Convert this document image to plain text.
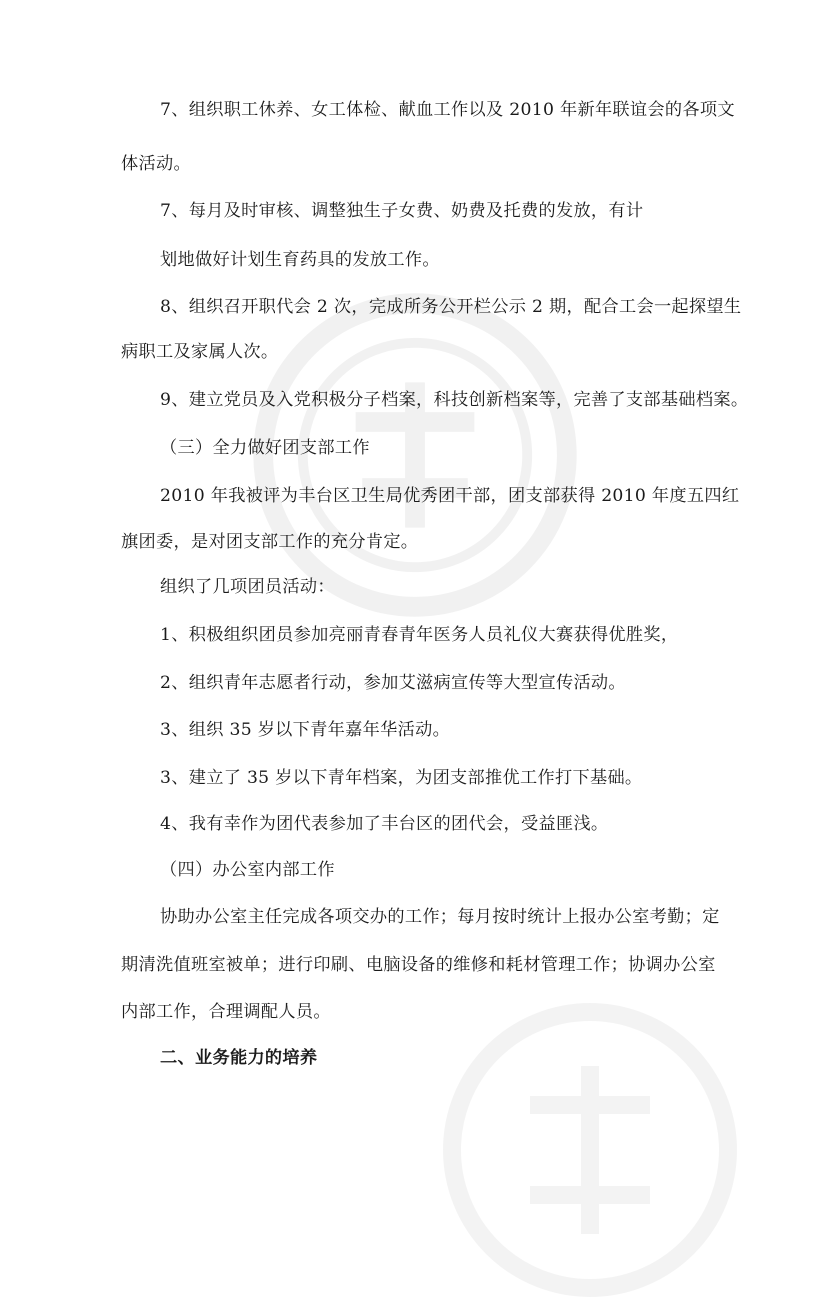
7、组织职工休养、女工体检、献血工作以及 2010 年新年联谊会的各项文

体活动。

7、每月及时审核、调整独生子女费、奶费及托费的发放，有计

划地做好计划生育药具的发放工作。

8、组织召开职代会 2 次，完成所务公开栏公示 2 期，配合工会一起探望生

病职工及家属人次。

9、建立党员及入党积极分子档案，科技创新档案等，完善了支部基础档案。

（三）全力做好团支部工作

2010 年我被评为丰台区卫生局优秀团干部，团支部获得 2010 年度五四红

旗团委，是对团支部工作的充分肯定。

组织了几项团员活动：

1、积极组织团员参加亮丽青春青年医务人员礼仪大赛获得优胜奖，

2、组织青年志愿者行动，参加艾滋病宣传等大型宣传活动。

3、组织 35 岁以下青年嘉年华活动。

3、建立了 35 岁以下青年档案，为团支部推优工作打下基础。

4、我有幸作为团代表参加了丰台区的团代会，受益匪浅。

（四）办公室内部工作

协助办公室主任完成各项交办的工作；每月按时统计上报办公室考勤；定

期清洗值班室被单；进行印刷、电脑设备的维修和耗材管理工作；协调办公室

内部工作，合理调配人员。

二、业务能力的培养
